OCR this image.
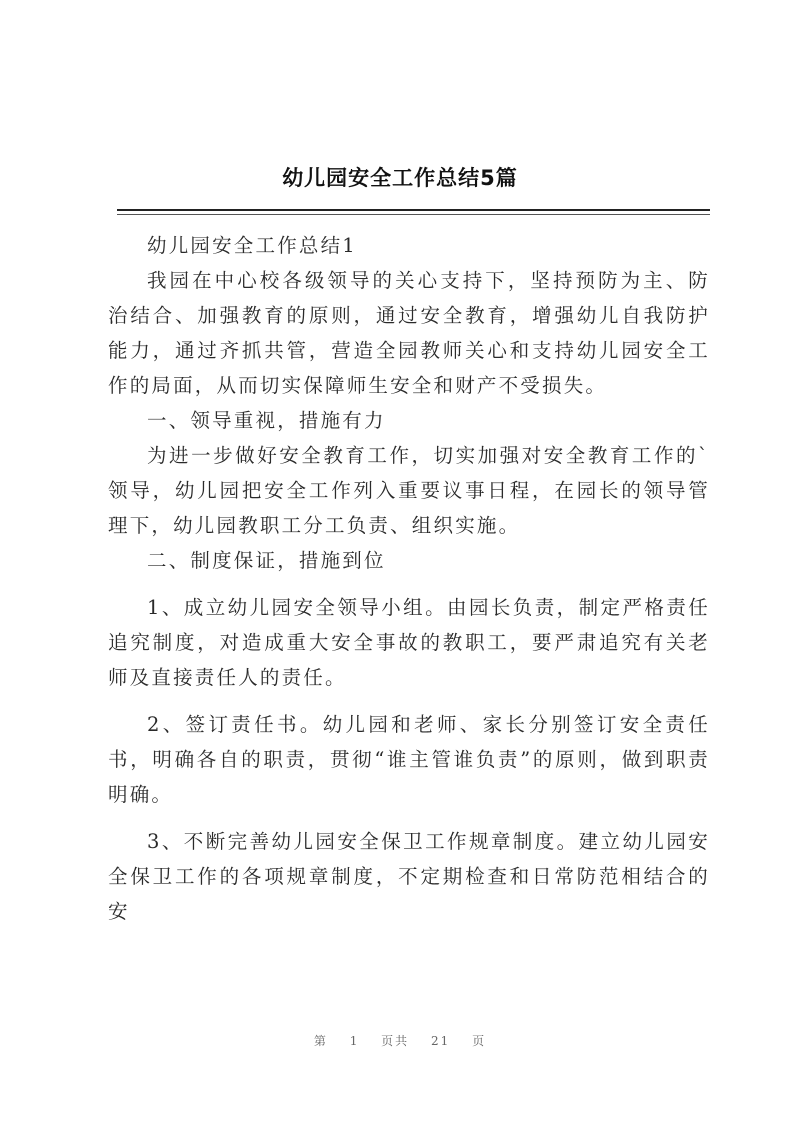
幼儿园安全工作总结5篇

幼儿园安全工作总结1

我园在中心校各级领导的关心支持下，坚持预防为主、防治结合、加强教育的原则，通过安全教育，增强幼儿自我防护能力，通过齐抓共管，营造全园教师关心和支持幼儿园安全工作的局面，从而切实保障师生安全和财产不受损失。

一、领导重视，措施有力

为进一步做好安全教育工作，切实加强对安全教育工作的`领导，幼儿园把安全工作列入重要议事日程，在园长的领导管理下，幼儿园教职工分工负责、组织实施。

二、制度保证，措施到位

1、成立幼儿园安全领导小组。由园长负责，制定严格责任追究制度，对造成重大安全事故的教职工，要严肃追究有关老师及直接责任人的责任。

2、签订责任书。幼儿园和老师、家长分别签订安全责任书，明确各自的职责，贯彻“谁主管谁负责”的原则，做到职责明确。

3、不断完善幼儿园安全保卫工作规章制度。建立幼儿园安全保卫工作的各项规章制度，不定期检查和日常防范相结合的安

第 1 页共 21 页
